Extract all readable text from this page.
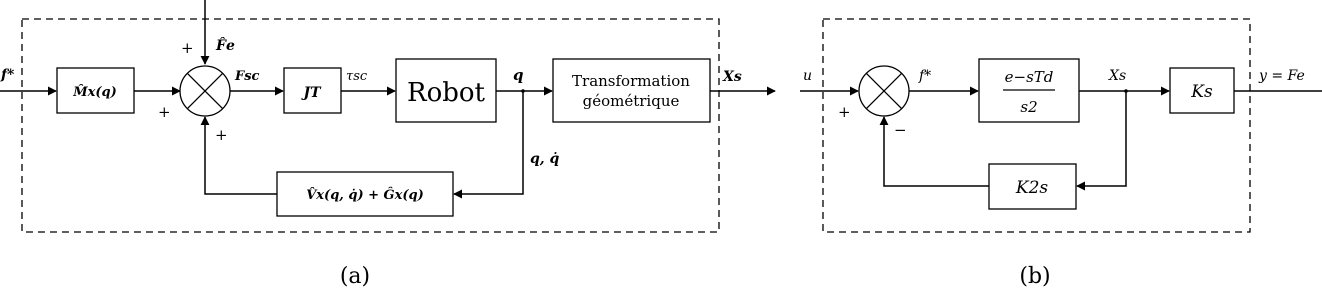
f*
M̂x(q)
F̂e
+
+
+
Fsc
JT
τsc
Robot
q	Transformation
géométrique
Xs
q, q̇
V̂x(q, q̇) + Ĝx(q)
(a)
u
+
−
f*	e−sTd
s2
Xs
Ks
y = Fe
K2s
(b)
